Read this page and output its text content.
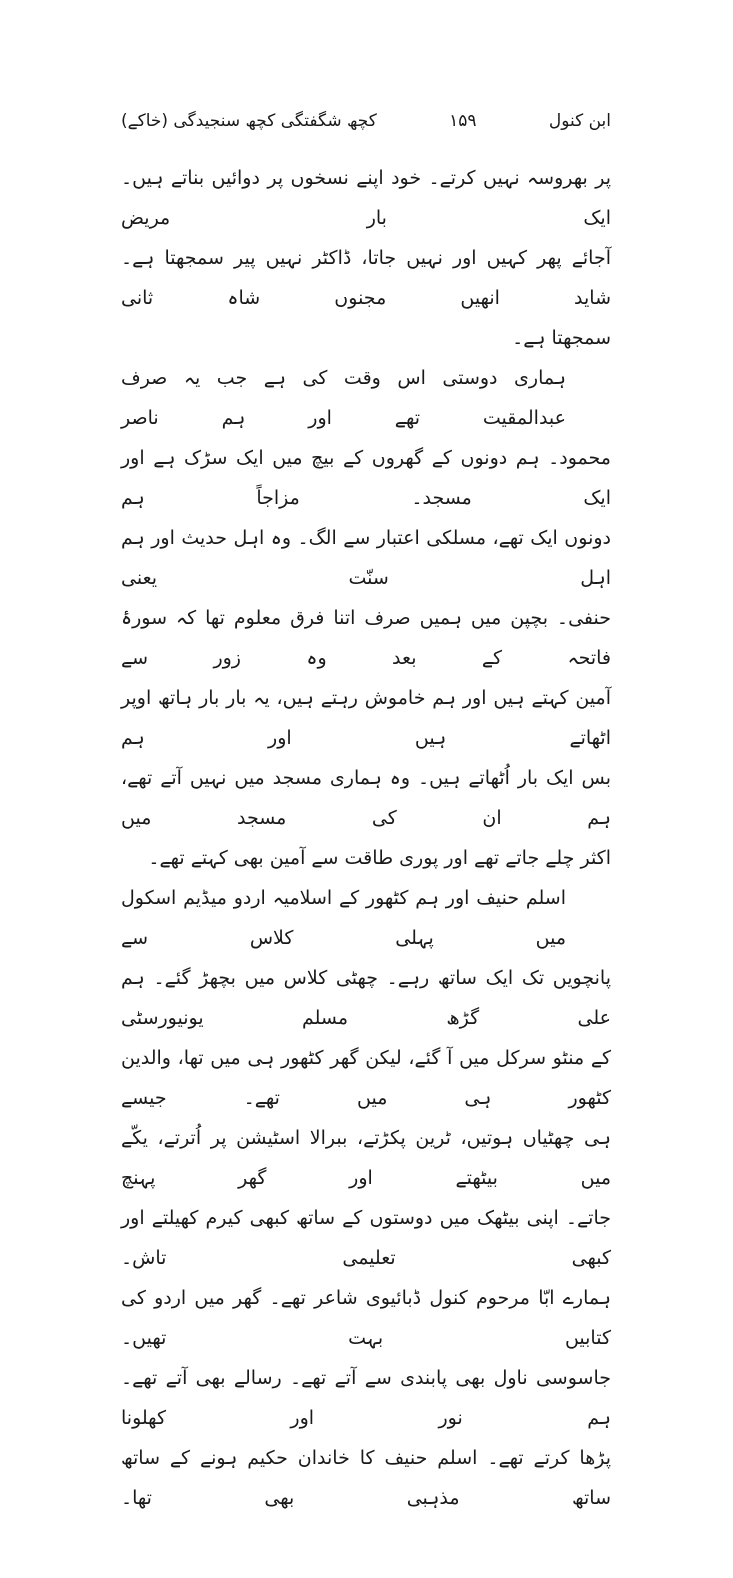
ابن کنول
۱۵۹
کچھ شگفتگی کچھ سنجیدگی (خاکے)
پر بھروسہ نہیں کرتے۔ خود اپنے نسخوں پر دوائیں بناتے ہیں۔ ایک بار مریض
آجائے پھر کہیں اور نہیں جاتا، ڈاکٹر نہیں پیر سمجھتا ہے۔ شاید انھیں مجنوں شاہ ثانی
سمجھتا ہے۔
ہماری دوستی اس وقت کی ہے جب یہ صرف عبدالمقیت تھے اور ہم ناصر
محمود۔ ہم دونوں کے گھروں کے بیچ میں ایک سڑک ہے اور ایک مسجد۔ مزاجاً ہم
دونوں ایک تھے، مسلکی اعتبار سے الگ۔ وہ اہل حدیث اور ہم اہل سنّت یعنی
حنفی۔ بچپن میں ہمیں صرف اتنا فرق معلوم تھا کہ سورۂ فاتحہ کے بعد وہ زور سے
آمین کہتے ہیں اور ہم خاموش رہتے ہیں، یہ بار بار ہاتھ اوپر اٹھاتے ہیں اور ہم
بس ایک بار اُٹھاتے ہیں۔ وہ ہماری مسجد میں نہیں آتے تھے، ہم ان کی مسجد میں
اکثر چلے جاتے تھے اور پوری طاقت سے آمین بھی کہتے تھے۔
اسلم حنیف اور ہم کٹھور کے اسلامیہ اردو میڈیم اسکول میں پہلی کلاس سے
پانچویں تک ایک ساتھ رہے۔ چھٹی کلاس میں بچھڑ گئے۔ ہم علی گڑھ مسلم یونیورسٹی
کے منٹو سرکل میں آ گئے، لیکن گھر کٹھور ہی میں تھا، والدین کٹھور ہی میں تھے۔ جیسے
ہی چھٹیاں ہوتیں، ٹرین پکڑتے، ببرالا اسٹیشن پر اُترتے، یکّے میں بیٹھتے اور گھر پہنچ
جاتے۔ اپنی بیٹھک میں دوستوں کے ساتھ کبھی کیرم کھیلتے اور کبھی تعلیمی تاش۔
ہمارے ابّا مرحوم کنول ڈبائیوی شاعر تھے۔ گھر میں اردو کی کتابیں بہت تھیں۔
جاسوسی ناول بھی پابندی سے آتے تھے۔ رسالے بھی آتے تھے۔ ہم نور اور کھلونا
پڑھا کرتے تھے۔ اسلم حنیف کا خاندان حکیم ہونے کے ساتھ ساتھ مذہبی بھی تھا۔
